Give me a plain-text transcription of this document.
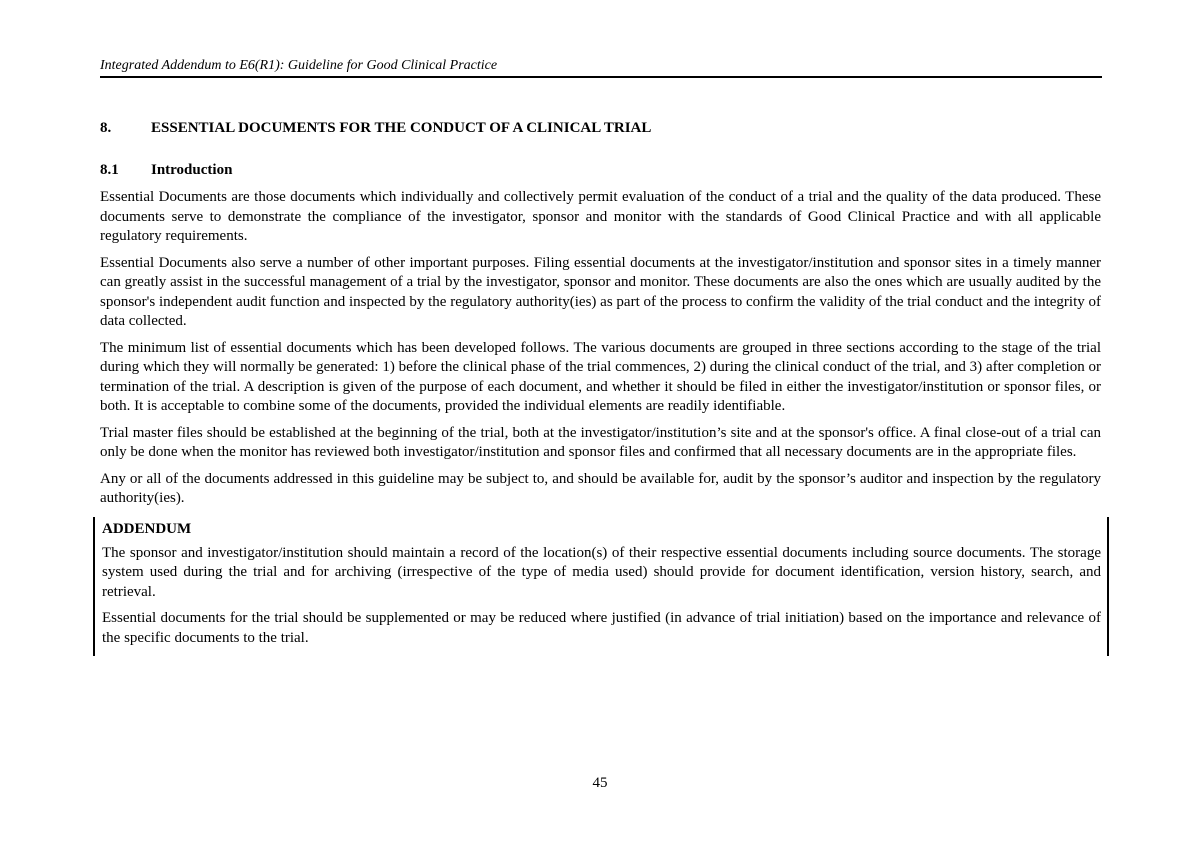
Integrated Addendum to E6(R1): Guideline for Good Clinical Practice
8.	ESSENTIAL DOCUMENTS FOR THE CONDUCT OF A CLINICAL TRIAL
8.1	Introduction

Essential Documents are those documents which individually and collectively permit evaluation of the conduct of a trial and the quality of the data produced. These documents serve to demonstrate the compliance of the investigator, sponsor and monitor with the standards of Good Clinical Practice and with all applicable regulatory requirements.

Essential Documents also serve a number of other important purposes. Filing essential documents at the investigator/institution and sponsor sites in a timely manner can greatly assist in the successful management of a trial by the investigator, sponsor and monitor. These documents are also the ones which are usually audited by the sponsor's independent audit function and inspected by the regulatory authority(ies) as part of the process to confirm the validity of the trial conduct and the integrity of data collected.

The minimum list of essential documents which has been developed follows. The various documents are grouped in three sections according to the stage of the trial during which they will normally be generated: 1) before the clinical phase of the trial commences, 2) during the clinical conduct of the trial, and 3) after completion or termination of the trial. A description is given of the purpose of each document, and whether it should be filed in either the investigator/institution or sponsor files, or both. It is acceptable to combine some of the documents, provided the individual elements are readily identifiable.

Trial master files should be established at the beginning of the trial, both at the investigator/institution’s site and at the sponsor's office. A final close-out of a trial can only be done when the monitor has reviewed both investigator/institution and sponsor files and confirmed that all necessary documents are in the appropriate files.

Any or all of the documents addressed in this guideline may be subject to, and should be available for, audit by the sponsor’s auditor and inspection by the regulatory authority(ies).

ADDENDUM

The sponsor and investigator/institution should maintain a record of the location(s) of their respective essential documents including source documents. The storage system used during the trial and for archiving (irrespective of the type of media used) should provide for document identification, version history, search, and retrieval.

Essential documents for the trial should be supplemented or may be reduced where justified (in advance of trial initiation) based on the importance and relevance of the specific documents to the trial.

45
